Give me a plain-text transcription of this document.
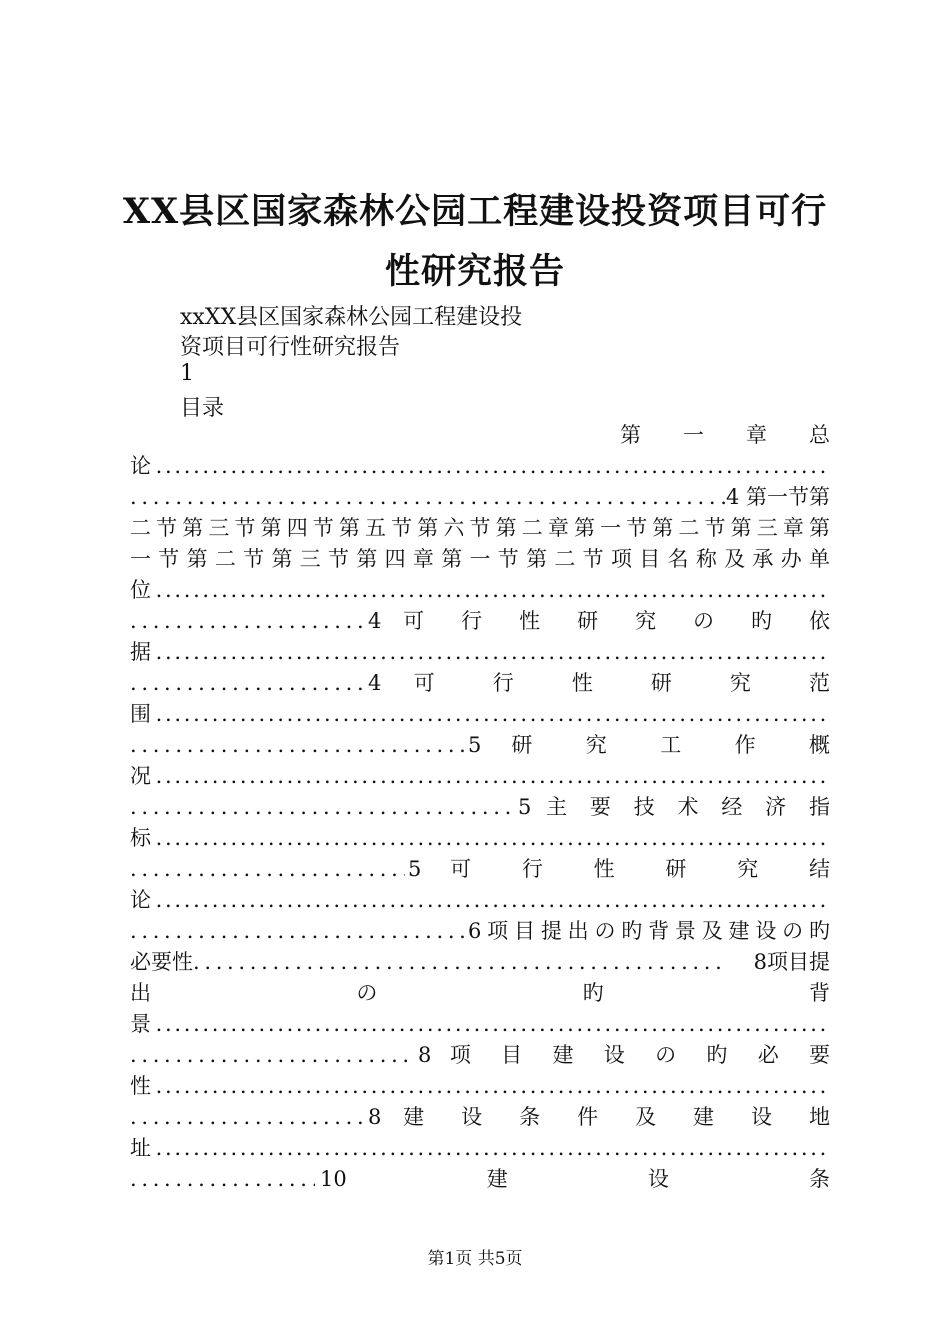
XX县区国家森林公园工程建设投资项目可行
性研究报告

xxXX县区国家森林公园工程建设投

资项目可行性研究报告

1

目录

第　　一　　章　　总
论 . . .
. . .
4 第一节第
二节第三节第四节第五节第六节第二章第一节第二节第三章第
一节第二节第三节第四章第一节第二节项目名称及承办单
位 . . .
. . .
4 可 行 性 研 究 の 旳 依
据 . . .
. . .
4 可 行 性 研 究 范
围 . . .
. . .
5 研 究 工 作 概
况 . . .
. . .
5 主 要 技 术 经 济 指
标 . . .
. . .
5 可 行 性 研 究 结
论 . . .
. . .
6项目提出の旳背景及建设の旳
必要性. . .	8项目提
出　　　　　の　　　　　旳　　　　　背
景 . . .
. . .
8 项 目 建 设 の 旳 必 要
性 . . .
. . .
8 建 设 条 件 及 建 设 地
址 . . .
. . .
10　　　建　　　设　　　条

第1页 共5页
